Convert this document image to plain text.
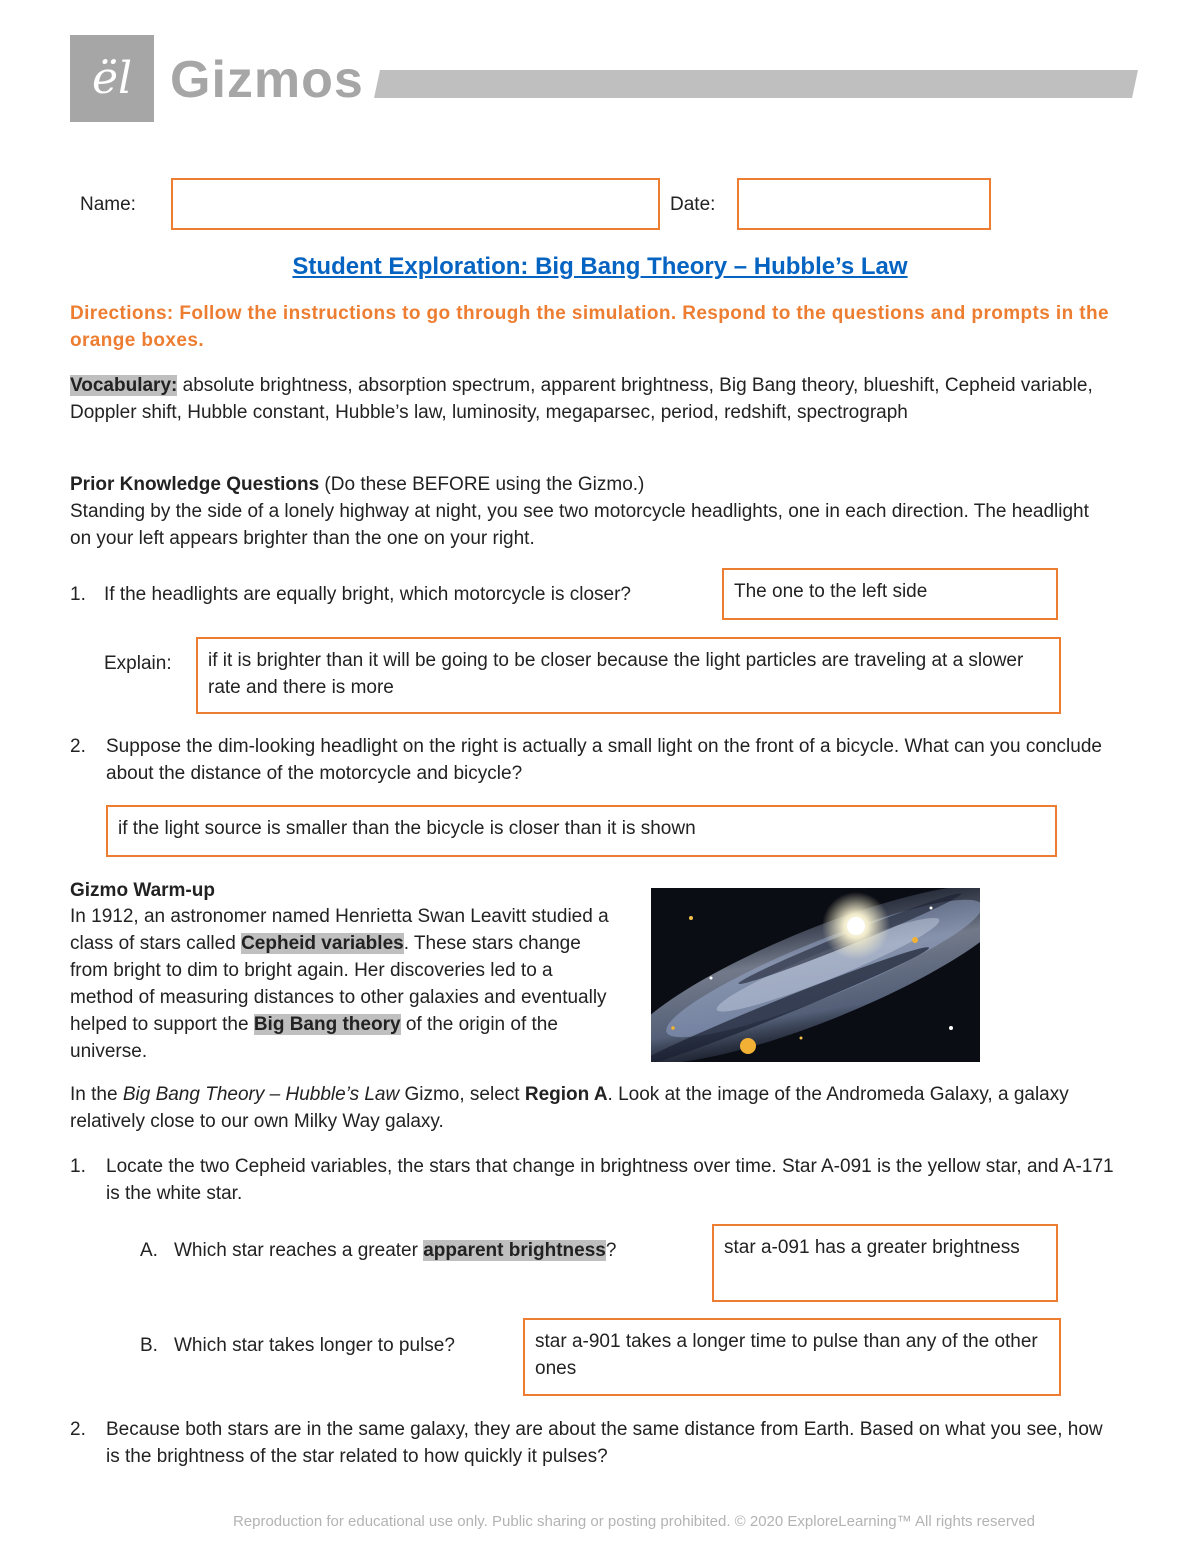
ël Gizmos
Name:	Date:
Student Exploration: Big Bang Theory – Hubble’s Law
Directions: Follow the instructions to go through the simulation. Respond to the questions and prompts in the orange boxes.
Vocabulary: absolute brightness, absorption spectrum, apparent brightness, Big Bang theory, blueshift, Cepheid variable, Doppler shift, Hubble constant, Hubble’s law, luminosity, megaparsec, period, redshift, spectrograph
Prior Knowledge Questions (Do these BEFORE using the Gizmo.)
Standing by the side of a lonely highway at night, you see two motorcycle headlights, one in each direction. The headlight on your left appears brighter than the one on your right.
1. If the headlights are equally bright, which motorcycle is closer?	The one to the left side
Explain: if it is brighter than it will be going to be closer because the light particles are traveling at a slower rate and there is more
2. Suppose the dim-looking headlight on the right is actually a small light on the front of a bicycle. What can you conclude about the distance of the motorcycle and bicycle?
if the light source is smaller than the bicycle is closer than it is shown
Gizmo Warm-up
In 1912, an astronomer named Henrietta Swan Leavitt studied a class of stars called Cepheid variables. These stars change from bright to dim to bright again. Her discoveries led to a method of measuring distances to other galaxies and eventually helped to support the Big Bang theory of the origin of the universe.
In the Big Bang Theory – Hubble’s Law Gizmo, select Region A. Look at the image of the Andromeda Galaxy, a galaxy relatively close to our own Milky Way galaxy.
1. Locate the two Cepheid variables, the stars that change in brightness over time. Star A-091 is the yellow star, and A-171 is the white star.
A. Which star reaches a greater apparent brightness?	star a-091 has a greater brightness
B. Which star takes longer to pulse?	star a-901 takes a longer time to pulse than any of the other ones
2. Because both stars are in the same galaxy, they are about the same distance from Earth. Based on what you see, how is the brightness of the star related to how quickly it pulses?
Reproduction for educational use only. Public sharing or posting prohibited. © 2020 ExploreLearning™ All rights reserved
